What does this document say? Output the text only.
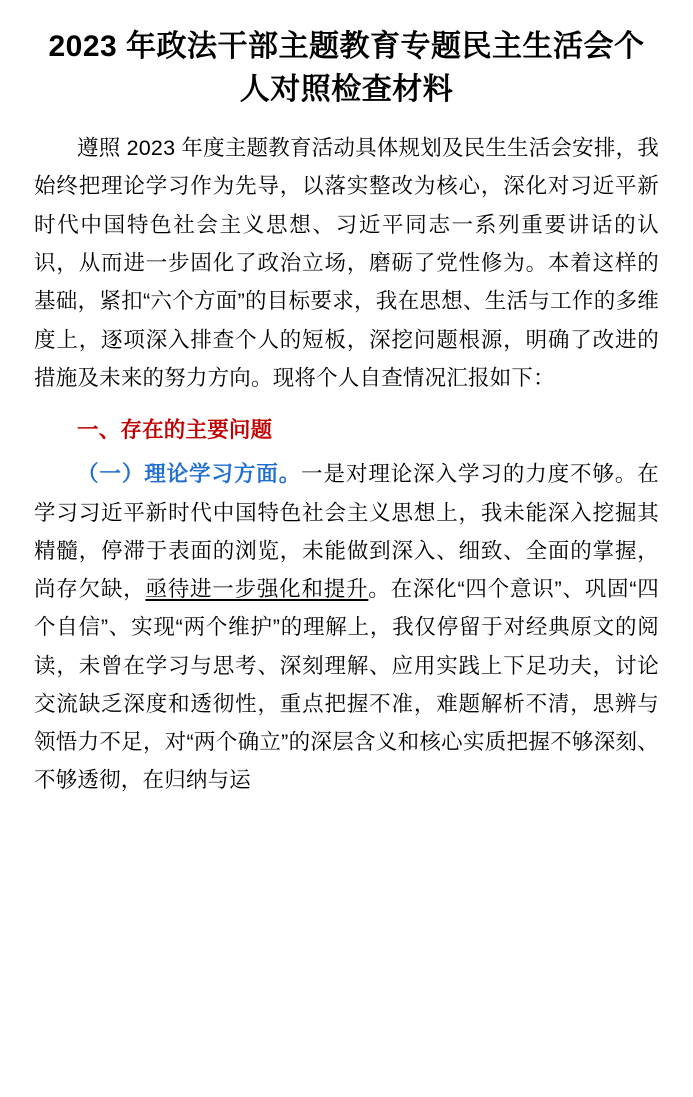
2023 年政法干部主题教育专题民主生活会个人对照检查材料

遵照 2023 年度主题教育活动具体规划及民生生活会安排，我始终把理论学习作为先导，以落实整改为核心，深化对习近平新时代中国特色社会主义思想、习近平同志一系列重要讲话的认识，从而进一步固化了政治立场，磨砺了党性修为。本着这样的基础，紧扣“六个方面”的目标要求，我在思想、生活与工作的多维度上，逐项深入排查个人的短板，深挖问题根源，明确了改进的措施及未来的努力方向。现将个人自查情况汇报如下：

一、存在的主要问题

（一）理论学习方面。一是对理论深入学习的力度不够。在学习习近平新时代中国特色社会主义思想上，我未能深入挖掘其精髓，停滞于表面的浏览，未能做到深入、细致、全面的掌握，尚存欠缺，亟待进一步强化和提升。在深化“四个意识”、巩固“四个自信”、实现“两个维护”的理解上，我仅停留于对经典原文的阅读，未曾在学习与思考、深刻理解、应用实践上下足功夫，讨论交流缺乏深度和透彻性，重点把握不准，难题解析不清，思辨与领悟力不足，对“两个确立”的深层含义和核心实质把握不够深刻、不够透彻，在归纳与运
